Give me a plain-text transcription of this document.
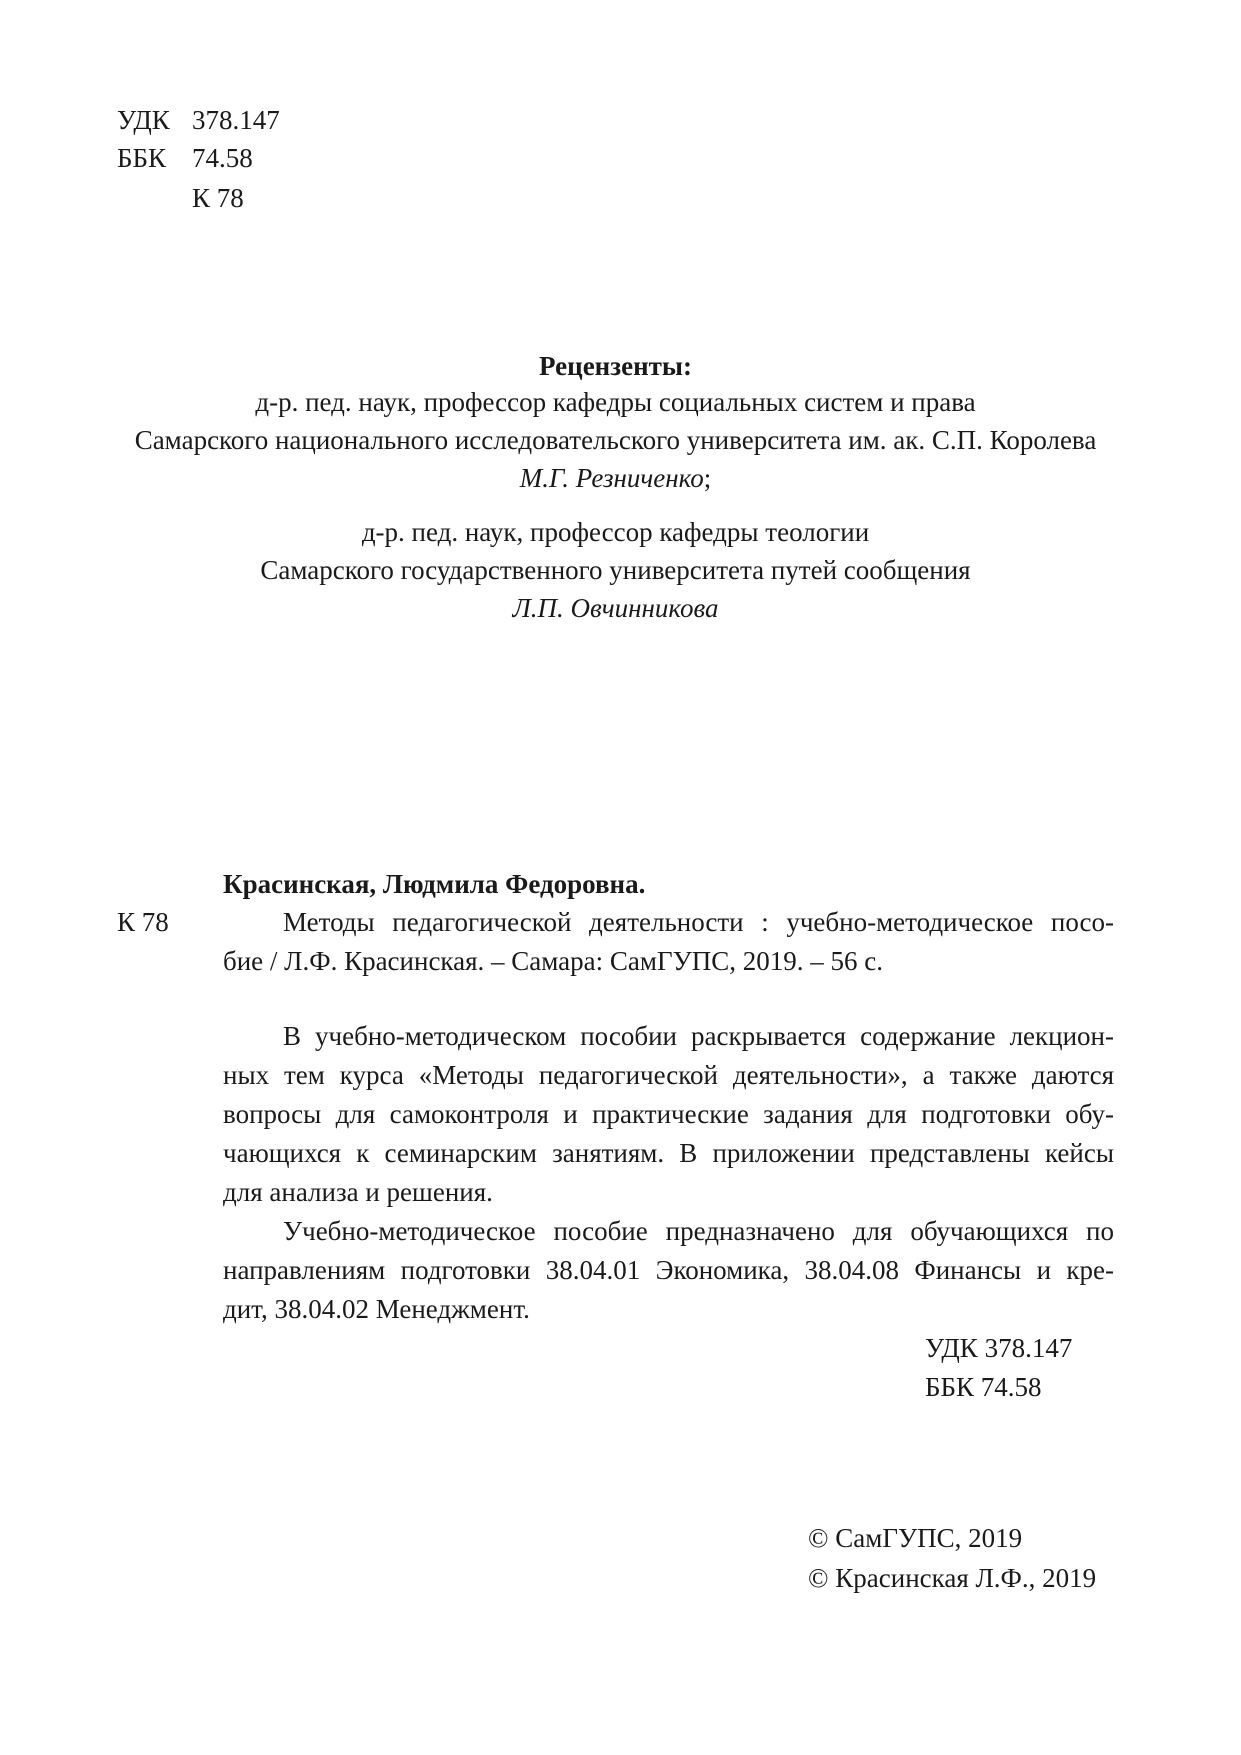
УДК 378.147
ББК 74.58
К 78
Рецензенты:
д-р. пед. наук, профессор кафедры социальных систем и права
Самарского национального исследовательского университета им. ак. С.П. Королева
М.Г. Резниченко;
д-р. пед. наук, профессор кафедры теологии
Самарского государственного университета путей сообщения
Л.П. Овчинникова
Красинская, Людмила Федоровна.
К 78	Методы педагогической деятельности : учебно-методическое посо-
бие / Л.Ф. Красинская. – Самара: СамГУПС, 2019. – 56 с.
В учебно-методическом пособии раскрывается содержание лекцион-
ных тем курса «Методы педагогической деятельности», а также даются
вопросы для самоконтроля и практические задания для подготовки обу-
чающихся к семинарским занятиям. В приложении представлены кейсы
для анализа и решения.
Учебно-методическое пособие предназначено для обучающихся по
направлениям подготовки 38.04.01 Экономика, 38.04.08 Финансы и кре-
дит, 38.04.02 Менеджмент.
УДК 378.147
ББК 74.58
© СамГУПС, 2019
© Красинская Л.Ф., 2019
